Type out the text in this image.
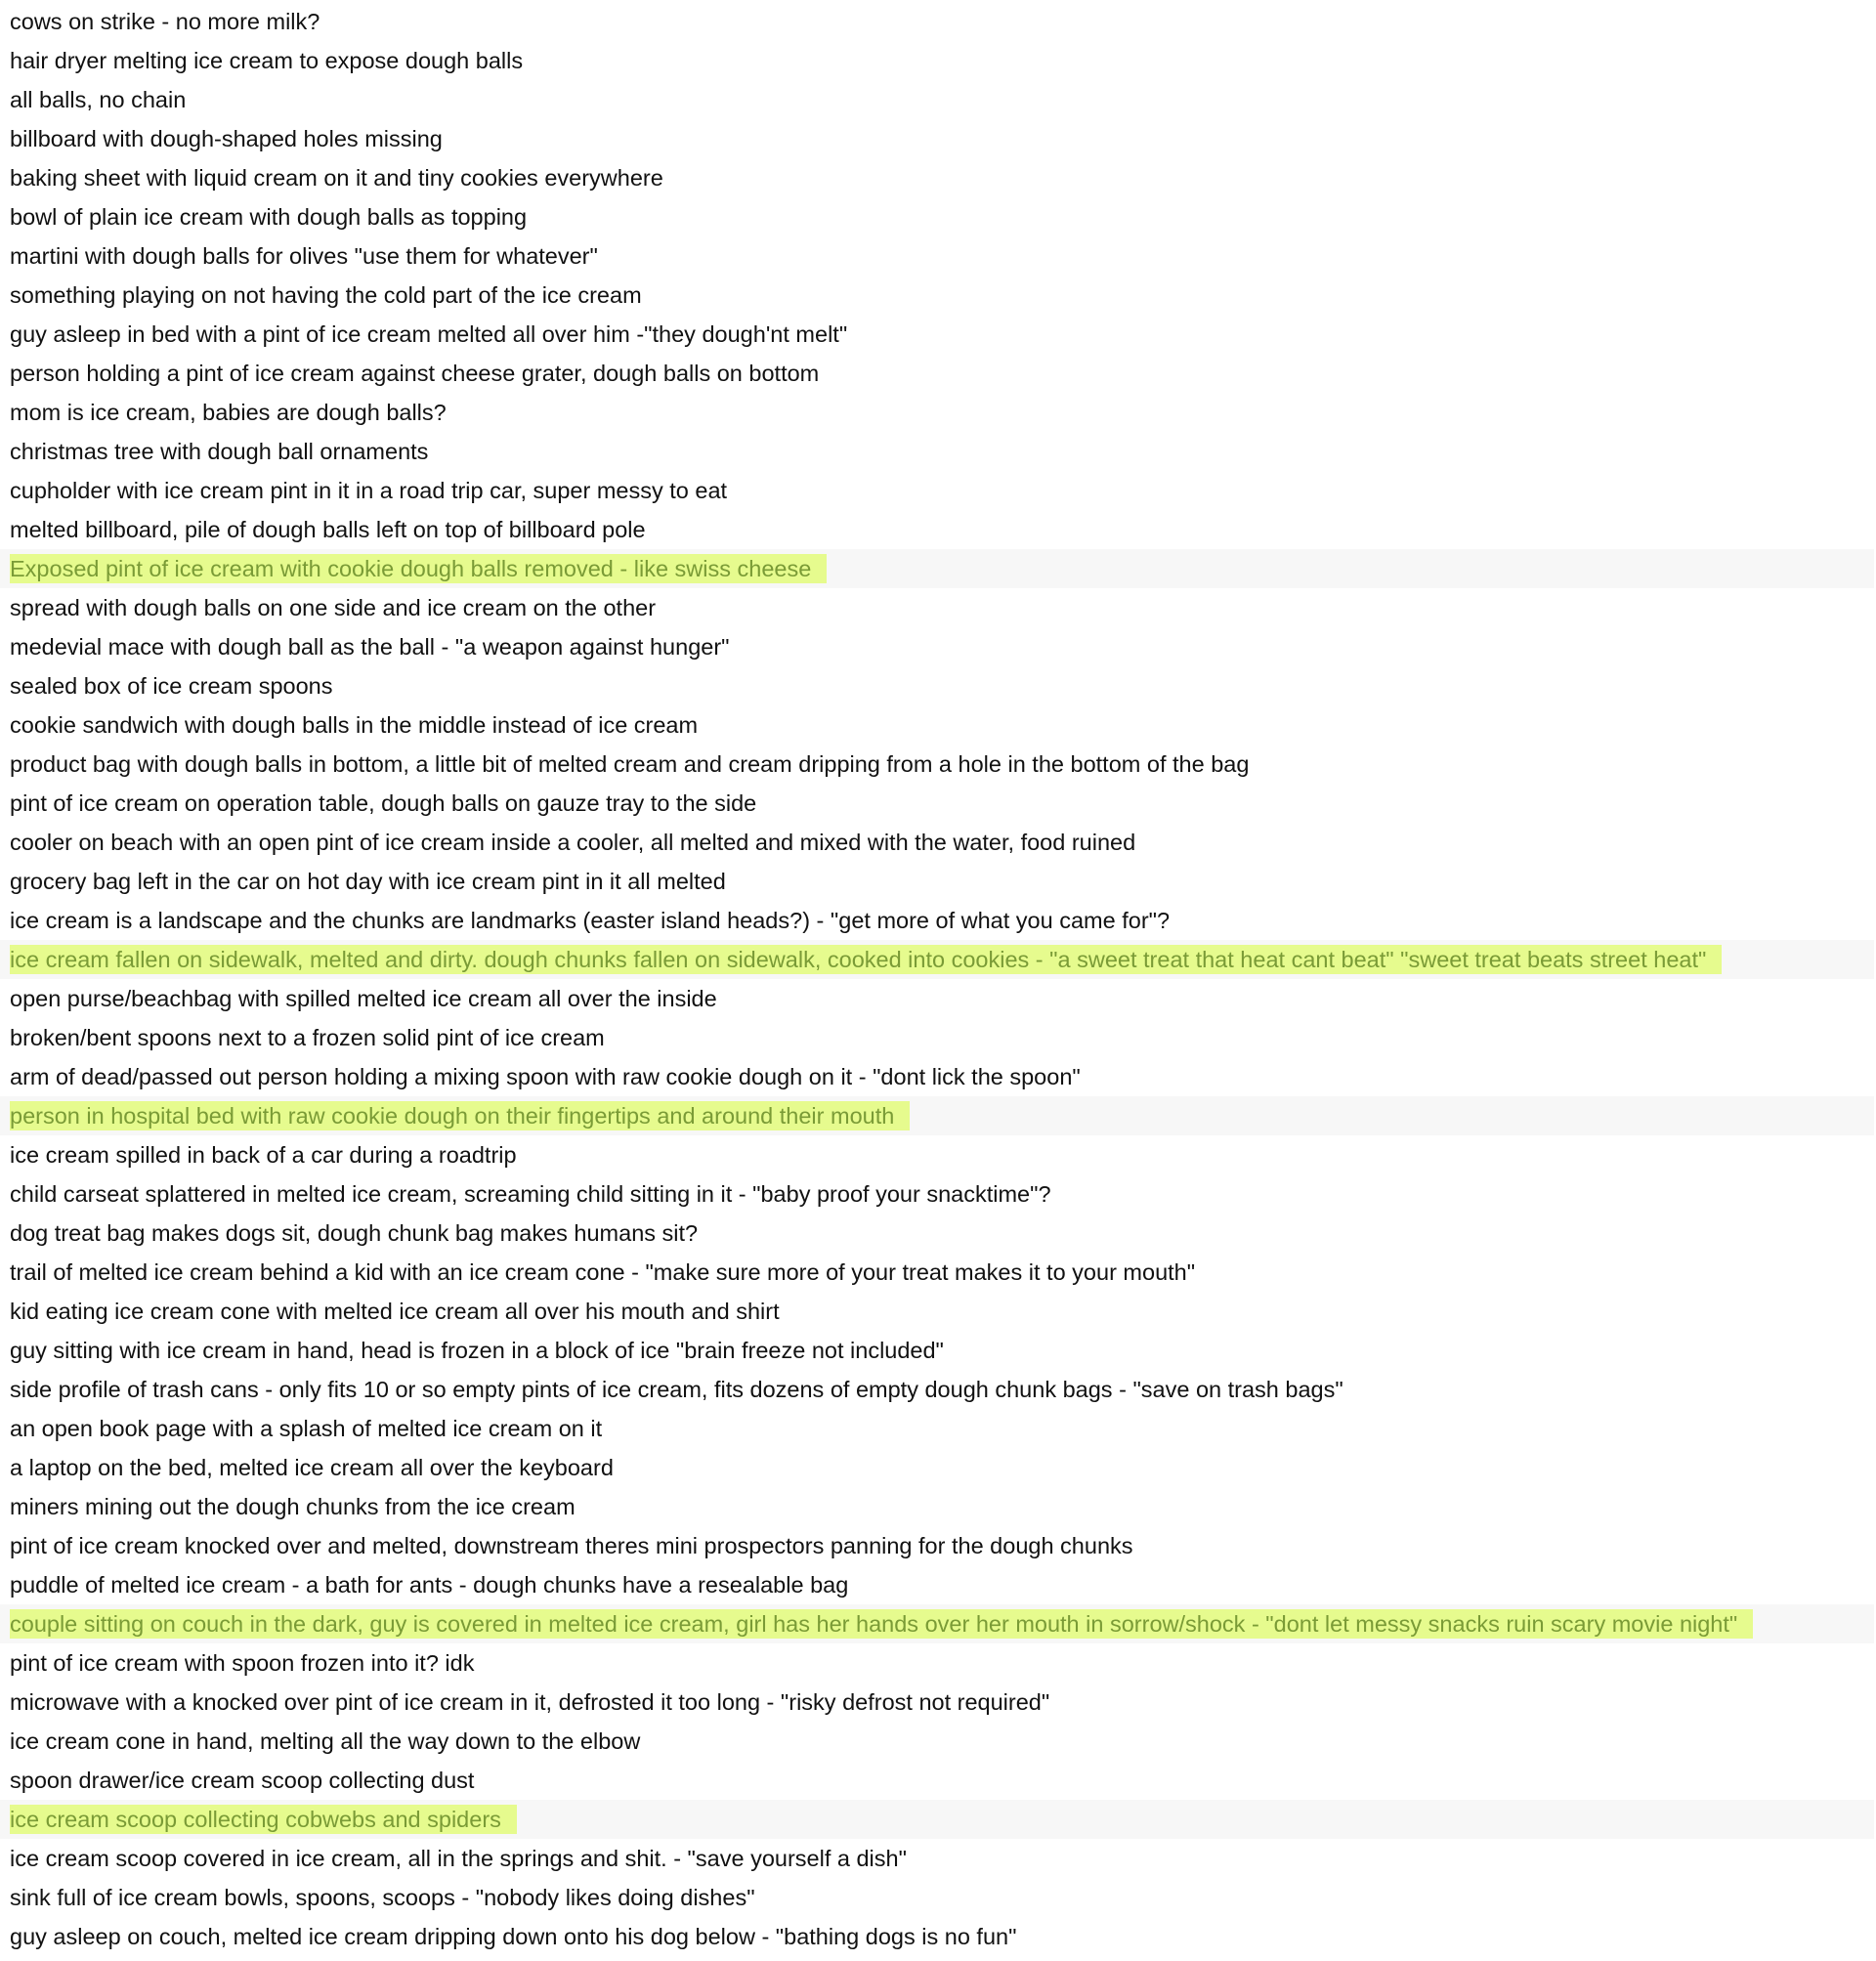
cows on strike - no more milk?
hair dryer melting ice cream to expose dough balls
all balls, no chain
billboard with dough-shaped holes missing
baking sheet with liquid cream on it and tiny cookies everywhere
bowl of plain ice cream with dough balls as topping
martini with dough balls for olives "use them for whatever"
something playing on not having the cold part of the ice cream
guy asleep in bed with a pint of ice cream melted all over him -"they dough'nt melt"
person holding a pint of ice cream against cheese grater, dough balls on bottom
mom is ice cream, babies are dough balls?
christmas tree with dough ball ornaments
cupholder with ice cream pint in it in a road trip car, super messy to eat
melted billboard, pile of dough balls left on top of billboard pole
Exposed pint of ice cream with cookie dough balls removed - like swiss cheese
spread with dough balls on one side and ice cream on the other
medevial mace with dough ball as the ball - "a weapon against hunger"
sealed box of ice cream spoons
cookie sandwich with dough balls in the middle instead of ice cream
product bag with dough balls in bottom, a little bit of melted cream and cream dripping from a hole in the bottom of the bag
pint of ice cream on operation table, dough balls on gauze tray to the side
cooler on beach with an open pint of ice cream inside a cooler, all melted and mixed with the water, food ruined
grocery bag left in the car on hot day with ice cream pint in it all melted
ice cream is a landscape and the chunks are landmarks (easter island heads?) - "get more of what you came for"?
ice cream fallen on sidewalk, melted and dirty. dough chunks fallen on sidewalk, cooked into cookies - "a sweet treat that heat cant beat" "sweet treat beats street heat"
open purse/beachbag with spilled melted ice cream all over the inside
broken/bent spoons next to a frozen solid pint of ice cream
arm of dead/passed out person holding a mixing spoon with raw cookie dough on it - "dont lick the spoon"
person in hospital bed with raw cookie dough on their fingertips and around their mouth
ice cream spilled in back of a car during a roadtrip
child carseat splattered in melted ice cream, screaming child sitting in it - "baby proof your snacktime"?
dog treat bag makes dogs sit, dough chunk bag makes humans sit?
trail of melted ice cream behind a kid with an ice cream cone - "make sure more of your treat makes it to your mouth"
kid eating ice cream cone with melted ice cream all over his mouth and shirt
guy sitting with ice cream in hand, head is frozen in a block of ice "brain freeze not included"
side profile of trash cans - only fits 10 or so empty pints of ice cream, fits dozens of empty dough chunk bags - "save on trash bags"
an open book page with a splash of melted ice cream on it
a laptop on the bed, melted ice cream all over the keyboard
miners mining out the dough chunks from the ice cream
pint of ice cream knocked over and melted, downstream theres mini prospectors panning for the dough chunks
puddle of melted ice cream - a bath for ants - dough chunks have a resealable bag
couple sitting on couch in the dark, guy is covered in melted ice cream, girl has her hands over her mouth in sorrow/shock - "dont let messy snacks ruin scary movie night"
pint of ice cream with spoon frozen into it? idk
microwave with a knocked over pint of ice cream in it, defrosted it too long - "risky defrost not required"
ice cream cone in hand, melting all the way down to the elbow
spoon drawer/ice cream scoop collecting dust
ice cream scoop collecting cobwebs and spiders
ice cream scoop covered in ice cream, all in the springs and shit. - "save yourself a dish"
sink full of ice cream bowls, spoons, scoops - "nobody likes doing dishes"
guy asleep on couch, melted ice cream dripping down onto his dog below - "bathing dogs is no fun"
